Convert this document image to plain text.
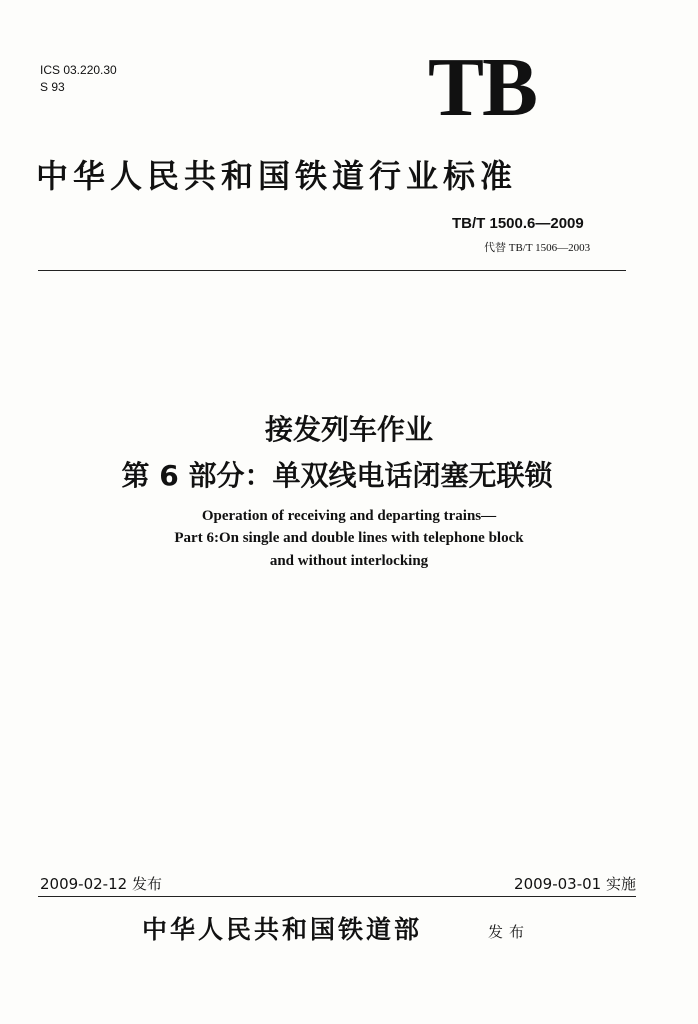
ICS 03.220.30
S 93	TB
中华人民共和国铁道行业标准
TB/T 1500.6—2009
代替 TB/T 1506—2003
接发列车作业
第 6 部分：单双线电话闭塞无联锁
Operation of receiving and departing trains—
Part 6:On single and double lines with telephone block
and without interlocking
2009-02-12 发布	2009-03-01 实施
中华人民共和国铁道部	发布
